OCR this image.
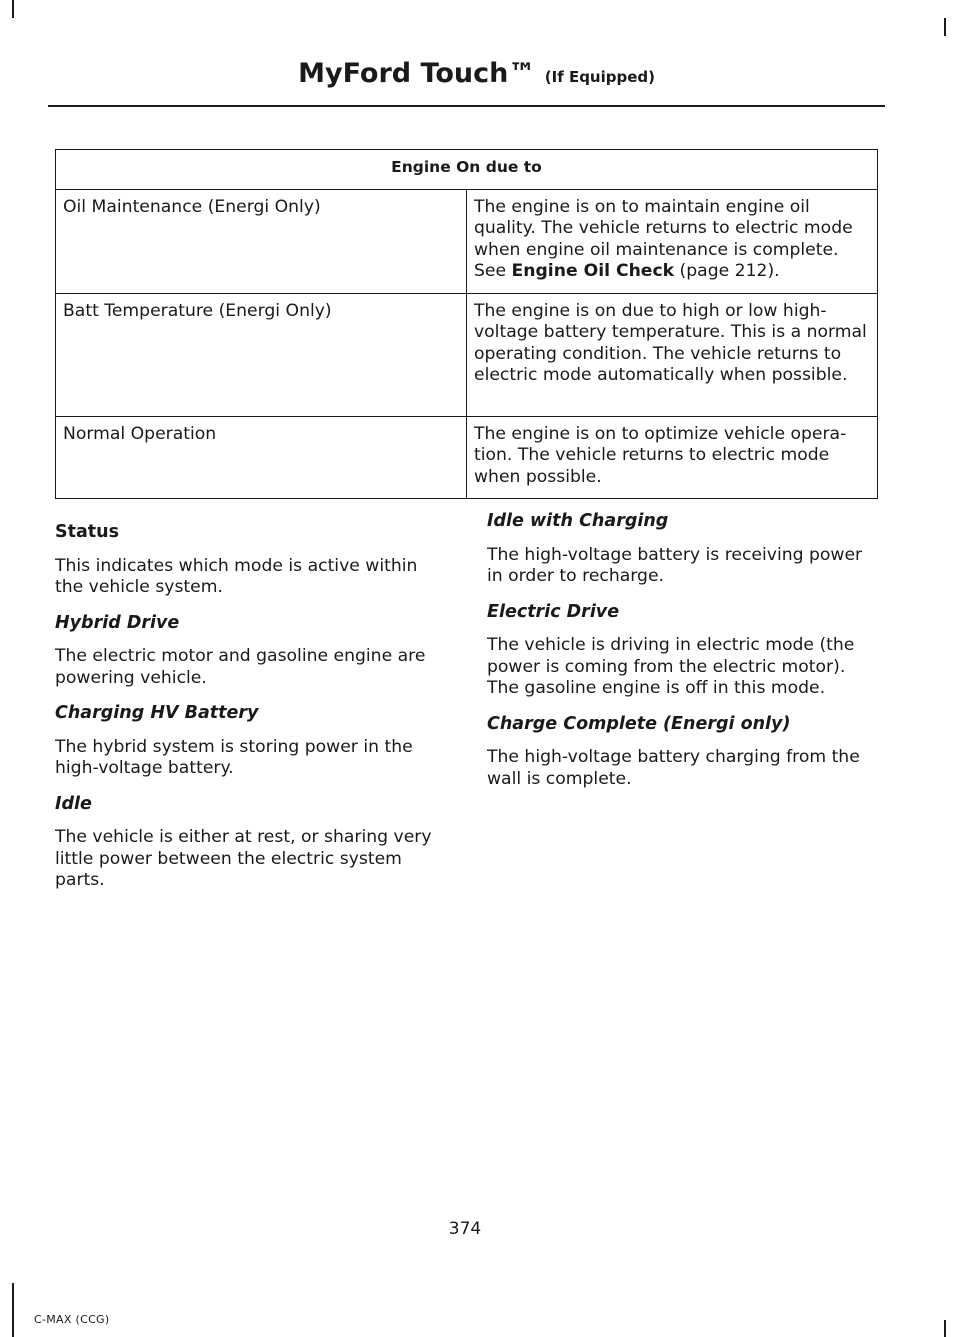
MyFord Touch™ (If Equipped)
Engine On due to	
Oil Maintenance (Energi Only)	The engine is on to maintain engine oil quality. The vehicle returns to electric mode when engine oil maintenance is complete. See Engine Oil Check (page 212).
Batt Temperature (Energi Only)	The engine is on due to high or low high-voltage battery temperature. This is a normal operating condition. The vehicle returns to electric mode automatically when possible.
Normal Operation	The engine is on to optimize vehicle opera-tion. The vehicle returns to electric mode when possible.
Status

This indicates which mode is active within the vehicle system.

Hybrid Drive

The electric motor and gasoline engine are powering vehicle.

Charging HV Battery

The hybrid system is storing power in the high-voltage battery.

Idle

The vehicle is either at rest, or sharing very little power between the electric system parts.

Idle with Charging

The high-voltage battery is receiving power in order to recharge.

Electric Drive

The vehicle is driving in electric mode (the power is coming from the electric motor). The gasoline engine is off in this mode.

Charge Complete (Energi only)

The high-voltage battery charging from the wall is complete.

374
C-MAX (CCG)
